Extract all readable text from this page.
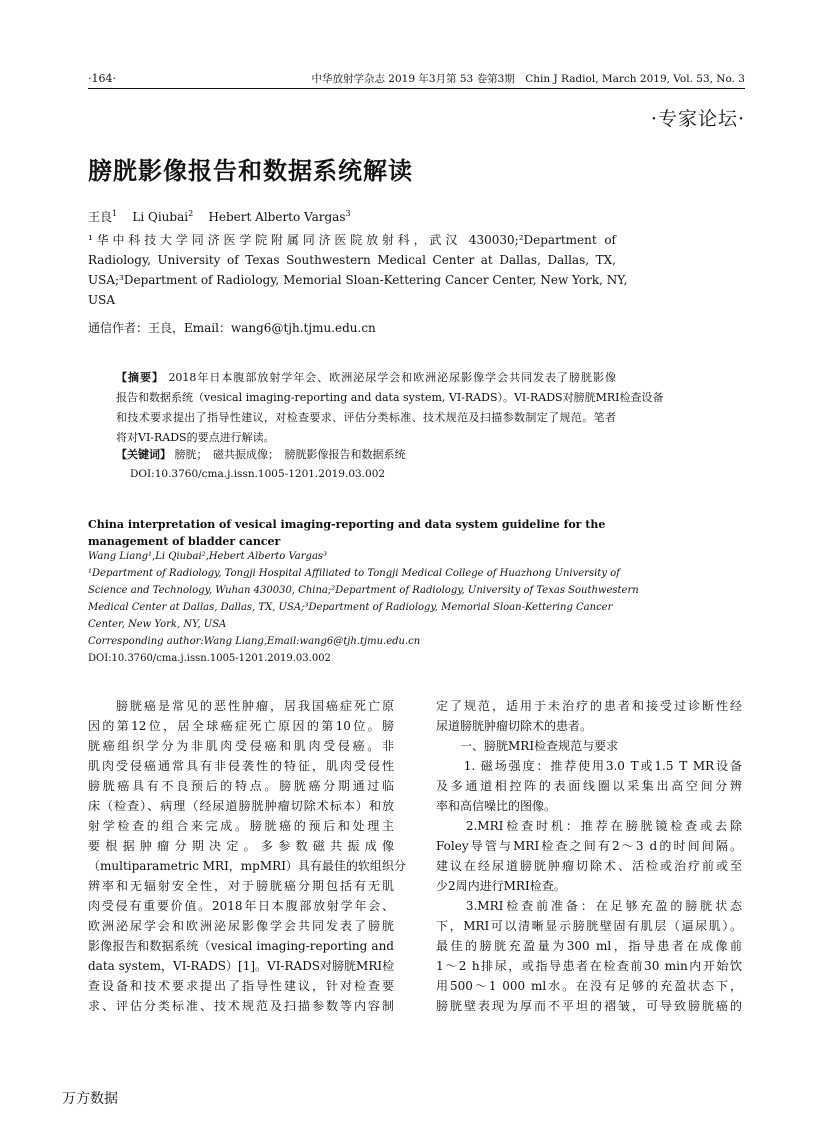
·164·	中华放射学杂志 2019 年3月第 53 卷第3期　Chin J Radiol, March 2019, Vol. 53, No. 3
·专家论坛·
膀胱影像报告和数据系统解读
王良$^1$ Li Qiubai$^2$ Hebert Alberto Vargas$^3$
¹华中科技大学同济医学院附属同济医院放射科，武汉 430030;²Department of
Radiology, University of Texas Southwestern Medical Center at Dallas, Dallas, TX,
USA;³Department of Radiology, Memorial Sloan-Kettering Cancer Center, New York, NY,
USA
通信作者：王良，Email：wang6@tjh.tjmu.edu.cn
【摘要】 2018年日本腹部放射学年会、欧洲泌尿学会和欧洲泌尿影像学会共同发表了膀胱影像
报告和数据系统（vesical imaging-reporting and data system, VI-RADS）。VI-RADS对膀胱MRI检查设备
和技术要求提出了指导性建议，对检查要求、评估分类标准、技术规范及扫描参数制定了规范。笔者
将对VI-RADS的要点进行解读。
【关键词】 膀胱；　磁共振成像；　膀胱影像报告和数据系统
DOI:10.3760/cma.j.issn.1005-1201.2019.03.002
China interpretation of vesical imaging-reporting and data system guideline for the management of bladder cancer
Wang Liang¹,Li Qiubai²,Hebert Alberto Vargas³
¹Department of Radiology, Tongji Hospital Affiliated to Tongji Medical College of Huazhong University of
Science and Technology, Wuhan 430030, China;²Department of Radiology, University of Texas Southwestern
Medical Center at Dallas, Dallas, TX, USA;³Department of Radiology, Memorial Sloan-Kettering Cancer
Center, New York, NY, USA
Corresponding author:Wang Liang,Email:wang6@tjh.tjmu.edu.cn
DOI:10.3760/cma.j.issn.1005-1201.2019.03.002
　　膀胱癌是常见的恶性肿瘤，居我国癌症死亡原
因的第12位，居全球癌症死亡原因的第10位。膀
胱癌组织学分为非肌肉受侵癌和肌肉受侵癌。非
肌肉受侵癌通常具有非侵袭性的特征，肌肉受侵性
膀胱癌具有不良预后的特点。膀胱癌分期通过临
床（检查）、病理（经尿道膀胱肿瘤切除术标本）和放
射学检查的组合来完成。膀胱癌的预后和处理主
要根据肿瘤分期决定。多参数磁共振成像
（multiparametric MRI，mpMRI）具有最佳的软组织分
辨率和无辐射安全性，对于膀胱癌分期包括有无肌
肉受侵有重要价值。2018年日本腹部放射学年会、
欧洲泌尿学会和欧洲泌尿影像学会共同发表了膀胱
影像报告和数据系统（vesical imaging-reporting and
data system，VI-RADS）[1]。VI-RADS对膀胱MRI检
查设备和技术要求提出了指导性建议，针对检查要
求、评估分类标准、技术规范及扫描参数等内容制
定了规范，适用于未治疗的患者和接受过诊断性经
尿道膀胱肿瘤切除术的患者。
　　一、膀胱MRI检查规范与要求
　　1. 磁场强度：推荐使用3.0 T或1.5 T MR设备
及多通道相控阵的表面线圈以采集出高空间分辨
率和高信噪比的图像。
　　2.MRI检查时机：推荐在膀胱镜检查或去除
Foley导管与MRI检查之间有2～3 d的时间间隔。
建议在经尿道膀胱肿瘤切除术、活检或治疗前或至
少2周内进行MRI检查。
　　3.MRI检查前准备：在足够充盈的膀胱状态
下，MRI可以清晰显示膀胱壁固有肌层（逼尿肌）。
最佳的膀胱充盈量为300 ml，指导患者在成像前
1～2 h排尿，或指导患者在检查前30 min内开始饮
用500～1 000 ml水。在没有足够的充盈状态下，
膀胱壁表现为厚而不平坦的褶皱，可导致膀胱癌的
万方数据
